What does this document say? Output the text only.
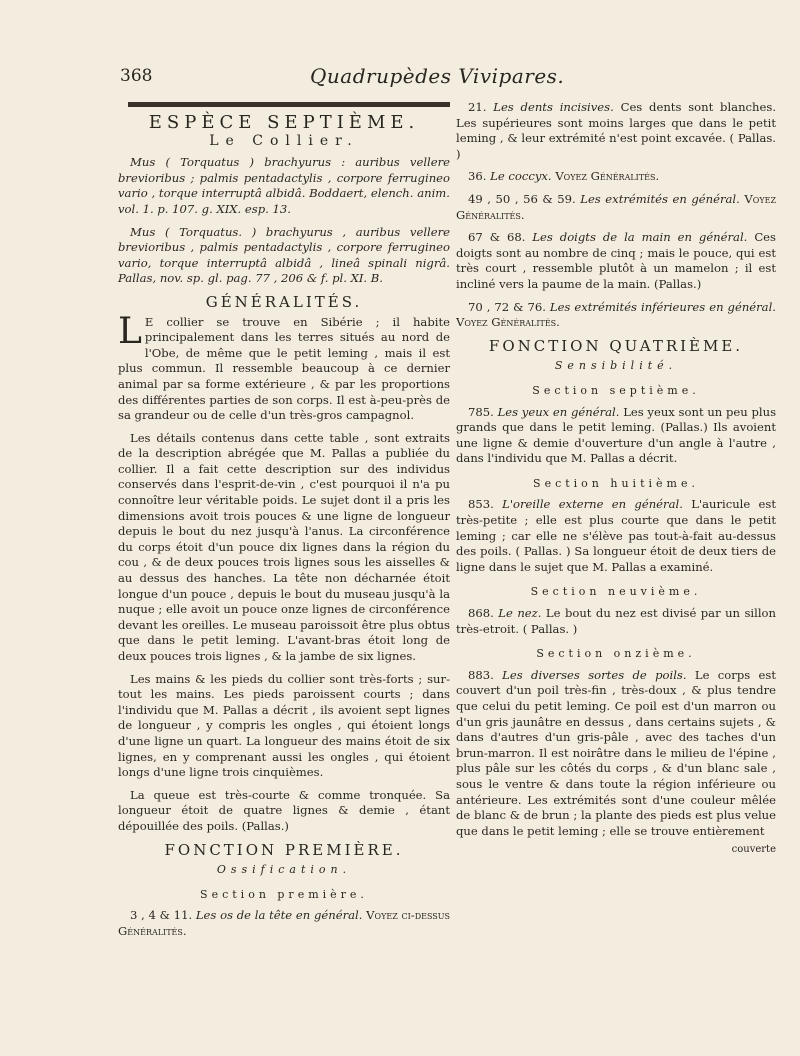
368	Quadrupèdes Vivipares.
ESPÈCE SEPTIÈME.
Le Collier.

Mus ( Torquatus ) brachyurus : auribus vellere brevioribus ; palmis pentadactylis , corpore ferrugineo vario , torque interruptâ albidâ. Boddaert, elench. anim. vol. 1. p. 107. g. XIX. esp. 13.

Mus ( Torquatus. ) brachyurus , auribus vellere brevioribus , palmis pentadactylis , corpore ferrugineo vario, torque interruptâ albidâ , lineâ spinali nigrâ. Pallas, nov. sp. gl. pag. 77 , 206 & f. pl. XI. B.

GÉNÉRALITÉS.

L E collier se trouve en Sibérie ; il habite principalement dans les terres situés au nord de l'Obe, de même que le petit leming , mais il est plus commun. Il ressemble beaucoup à ce dernier animal par sa forme extérieure , & par les proportions des différentes parties de son corps. Il est à-peu-près de sa grandeur ou de celle d'un très-gros campagnol.

Les détails contenus dans cette table , sont extraits de la description abrégée que M. Pallas a publiée du collier. Il a fait cette description sur des individus conservés dans l'esprit-de-vin , c'est pourquoi il n'a pu connoître leur véritable poids. Le sujet dont il a pris les dimensions avoit trois pouces & une ligne de longueur depuis le bout du nez jusqu'à l'anus. La circonférence du corps étoit d'un pouce dix lignes dans la région du cou , & de deux pouces trois lignes sous les aisselles & au dessus des hanches. La tête non décharnée étoit longue d'un pouce , depuis le bout du museau jusqu'à la nuque ; elle avoit un pouce onze lignes de circonférence devant les oreilles. Le museau paroissoit être plus obtus que dans le petit leming. L'avant-bras étoit long de deux pouces trois lignes , & la jambe de six lignes.

Les mains & les pieds du collier sont très-forts ; sur-tout les mains. Les pieds paroissent courts ; dans l'individu que M. Pallas a décrit , ils avoient sept lignes de longueur , y compris les ongles , qui étoient longs d'une ligne un quart. La longueur des mains étoit de six lignes, en y comprenant aussi les ongles , qui étoient longs d'une ligne trois cinquièmes.

La queue est très-courte & comme tronquée. Sa longueur étoit de quatre lignes & demie , étant dépouillée des poils. (Pallas.)

FONCTION PREMIÈRE.
Ossification.
Section première.

3 , 4 & 11. Les os de la tête en général. Voyez ci-dessus Généralités.

21. Les dents incisives. Ces dents sont blanches. Les supérieures sont moins larges que dans le petit leming , & leur extrémité n'est point excavée. ( Pallas. )

36. Le coccyx. Voyez Généralités.

49 , 50 , 56 & 59. Les extrémités en général. Voyez Généralités.

67 & 68. Les doigts de la main en général. Ces doigts sont au nombre de cinq ; mais le pouce, qui est très court , ressemble plutôt à un mamelon ; il est incliné vers la paume de la main. (Pallas.)

70 , 72 & 76. Les extrémités inférieures en général. Voyez Généralités.

FONCTION QUATRIÈME.
Sensibilité.
Section septième.

785. Les yeux en général. Les yeux sont un peu plus grands que dans le petit leming. (Pallas.) Ils avoient une ligne & demie d'ouverture d'un angle à l'autre , dans l'individu que M. Pallas a décrit.

Section huitième.

853. L'oreille externe en général. L'auricule est très-petite ; elle est plus courte que dans le petit leming ; car elle ne s'élève pas tout-à-fait au-dessus des poils. ( Pallas. ) Sa longueur étoit de deux tiers de ligne dans le sujet que M. Pallas a examiné.

Section neuvième.

868. Le nez. Le bout du nez est divisé par un sillon très-etroit. ( Pallas. )

Section onzième.

883. Les diverses sortes de poils. Le corps est couvert d'un poil très-fin , très-doux , & plus tendre que celui du petit leming. Ce poil est d'un marron ou d'un gris jaunâtre en dessus , dans certains sujets , & dans d'autres d'un gris-pâle , avec des taches d'un brun-marron. Il est noirâtre dans le milieu de l'épine , plus pâle sur les côtés du corps , & d'un blanc sale , sous le ventre & dans toute la région inférieure ou antérieure. Les extrémités sont d'une couleur mêlée de blanc & de brun ; la plante des pieds est plus velue que dans le petit leming ; elle se trouve entièrement

couverte
